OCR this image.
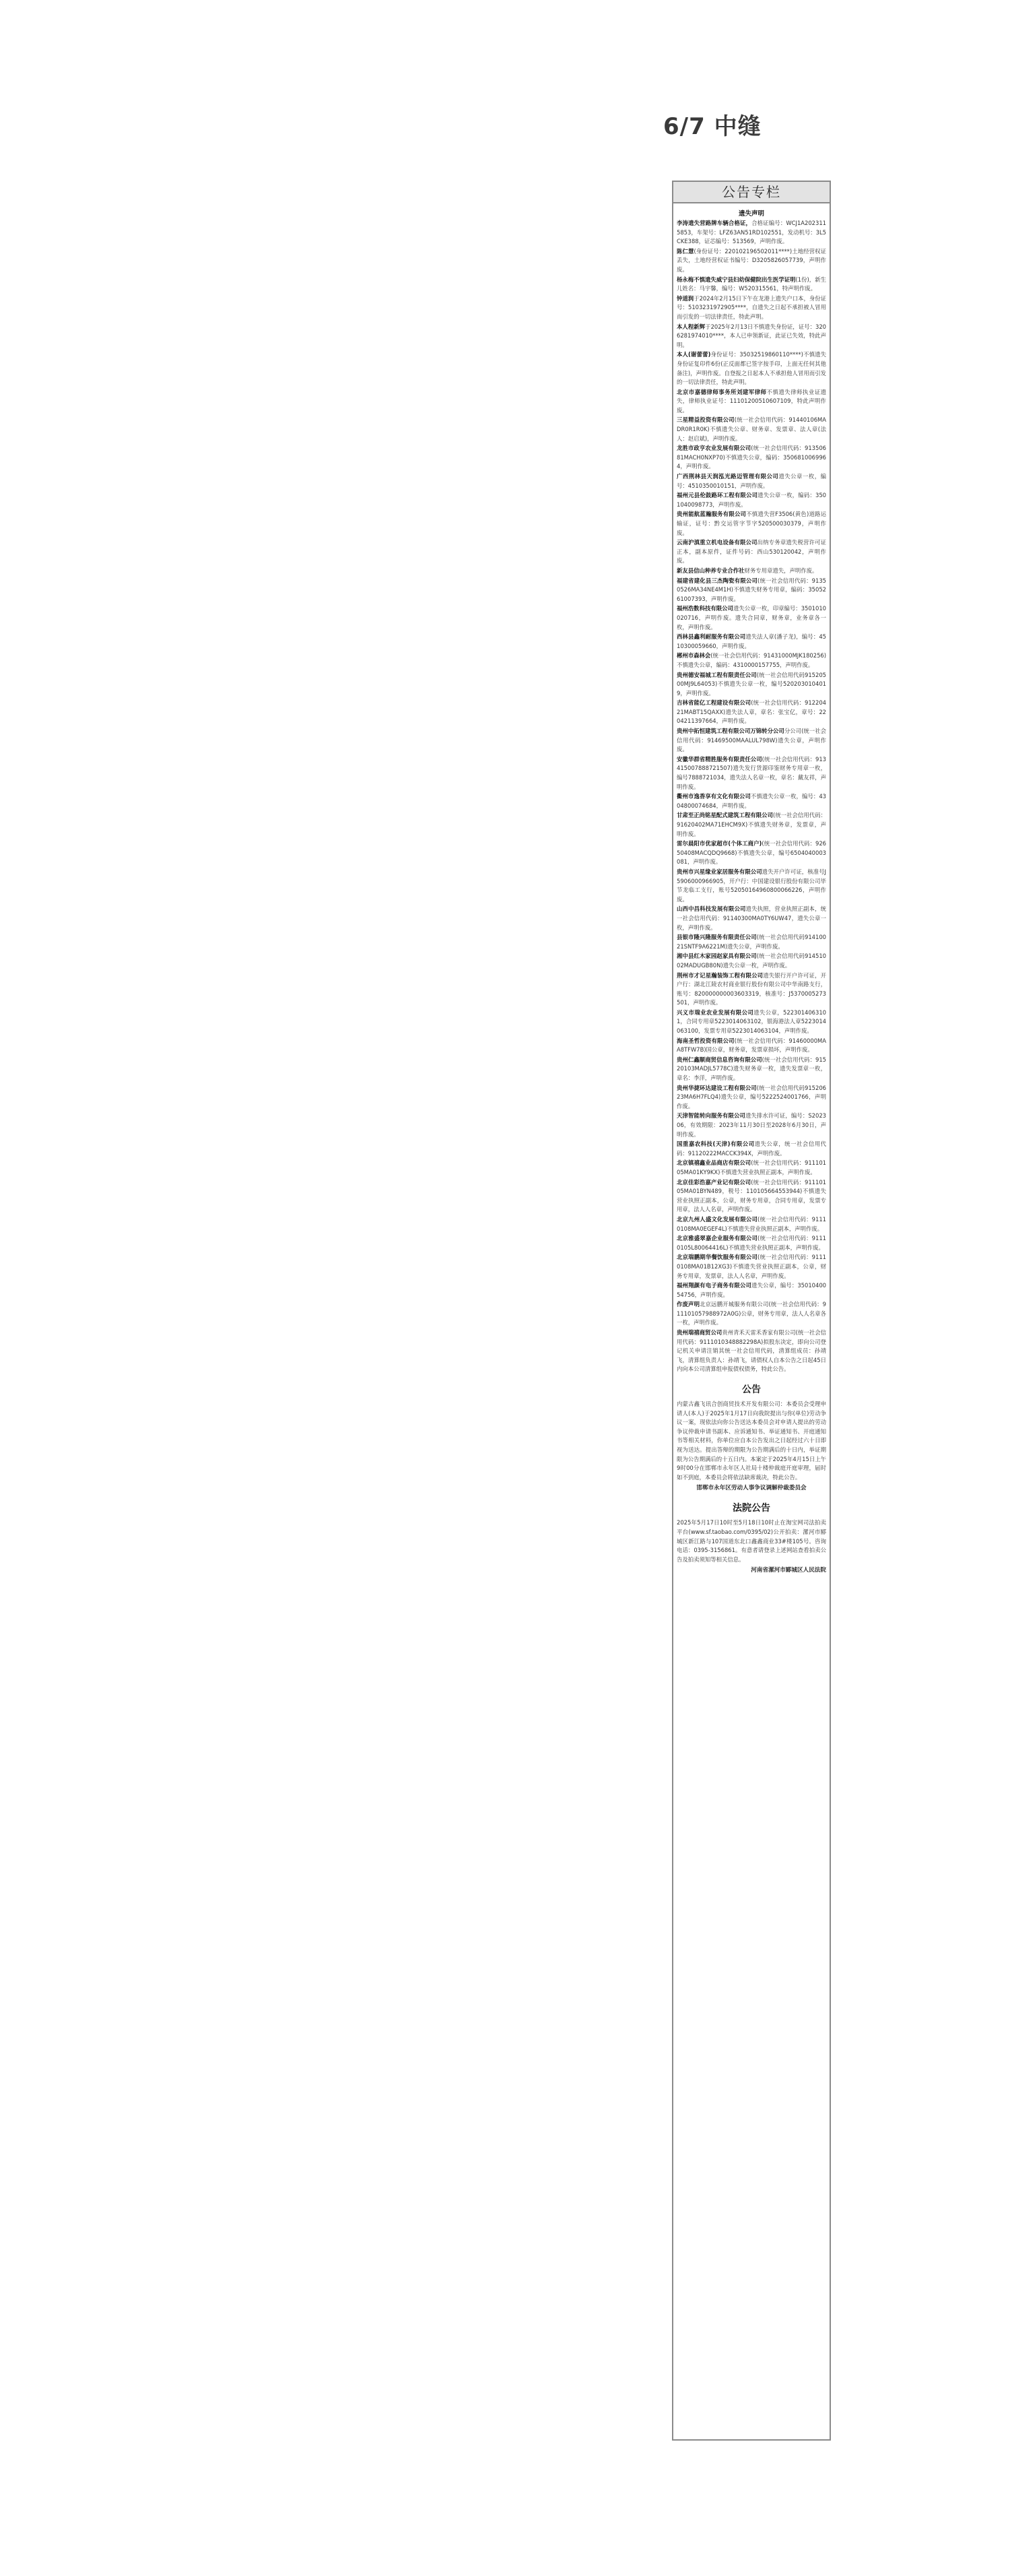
6/7 中缝
公告专栏
遗失声明

李涛遗失营路牌车辆合格证，合格证编号：WCJ1A2023115853，车架号：LFZ63AN51RD102551，发动机号：3L5CKE388，证芯编号：513569，声明作废。

陈仁慧(身份证号：220102196502011****)土地经营权证丢失，土地经营权证书编号：D3205826057739，声明作废。

杨永梅不慎遗失威宁县妇幼保健院出生医学证明(1份)，新生儿姓名：马宇馨，编号：W520315561，特声明作废。

钟道润于2024年2月15日下午在龙港上遗失户口本，身份证号：5103231972905****，自遗失之日起不承担被人冒用而引发的一切法律责任，特此声明。

本人程新辉于2025年2月13日不慎遗失身份证，证号：3206281974010****，本人已申领新证，此证已失效，特此声明。

本人(谢蕾蕾)身份证号：35032519860110****)不慎遗失身份证复印件6份(正反面都已签字按手印，上面无任何其他备注)，声明作废。自登报之日起本人不承担他人冒用而引发的一切法律责任，特此声明。

北京市嘉德律师事务所刘建军律师不慎遗失律师执业证遗失，律师执业证号：11101200510607109，特此声明作废。

三星精益投资有限公司(统一社会信用代码：91440106MADR0R1R0K)不慎遗失公章、财务章、发票章、法人章(法人：赵启斌)，声明作废。

龙胜市政亨农业发展有限公司(统一社会信用代码：91350681MACH0NXP70)不慎遗失公章，编码：3506810069964，声明作废。

广西荆林县天润泓光路迈管理有限公司遗失公章一枚，编号：4510350010151，声明作废。

福州元县伦鼓路环工程有限公司遗失公章一枚，编码：3501040098773，声明作废。

贵州能航蓝瀚服务有限公司不慎遗失营F3506(黄色)道路运输证，证号：黔交运管字节字520500030379，声明作废。

云南沪滇重立机电设备有限公司出纳专务章遗失税营许可证正本，副本原件，证件号码：西山530120042，声明作废。

新友县信山种养专业合作社财务专用章遗失，声明作废。

福建省建化县三杰陶瓷有限公司(统一社会信用代码：91350526MA34NE4M1H)不慎遗失财务专用章，编码：3505261007393，声明作废。

福州浩数科技有限公司遗失公章一枚，印章编号：3501010020716，声明作废。遗失合同章，财务章，业务章各一枚，声明作废。

西林县鑫利耐服务有限公司遗失法人章(潘子龙)，编号：4510300059660，声明作废。

郴州市森林会(统一社会信用代码：91431000MJK180256)不慎遗失公章，编码：4310000157755，声明作废。

贵州德安福城工程有限责任公司(统一社会信用代码91520500MJ9L64053)不慎遗失公章一枚，编号5202030104019，声明作废。

吉林省能亿工程建设有限公司(统一社会信用代码：91220421MABT15QAXX)遗失法人章，章名：张宝亿，章号：2204211397664，声明作废。

贵州中拓恒建筑工程有限公司万锦转分公司分公司(统一社会信用代码：91469500MAALUL798W)遗失公章，声明作废。

安徽华群省精胜服务有限责任公司(统一社会信用代码：913415007888721507)遗失发行货源印鉴财务专用章一枚，编号7888721034，遗失法人名章一枚，章名：戴友祥，声明作废。

衢州市逸香享有文化有限公司不慎遗失公章一枚，编号：4304800074684，声明作废。

甘肃至正尚铭星配式建筑工程有限公司(统一社会信用代码：91620402MA71EHCM9X)不慎遗失财务章，发票章，声明作废。

雷尔晨阳市优家超市(个体工商户)(统一社会信用代码：92650408MACQDQ9668)不慎遗失公章，编号6504040003081，声明作废。

贵州市兴星缘业家居服务有限公司遗失开户许可证，核准号J5906000966905，开户行：中国建设银行股份有限公司毕节龙临工支行，账号52050164960800066226，声明作废。

山西中昌科技发展有限公司遗失执照，营业执照正副本，统一社会信用代码：91140300MA0TY6UW47，遗失公章一枚，声明作废。

县银市隆兴隆服务有限责任公司(统一社会信用代码91410021SNTF9A6221M)遗失公章，声明作废。

湘中县红木家园赵家具有限公司(统一社会信用代码91451002MADUGB80N)遗失公章一枚，声明作废。

荆州市才记星瀚装饰工程有限公司遗失银行开户许可证，开户行：湖北江陵农村商业银行股份有限公司中华南路支行，账号：820000000003603319，核准号：J5370005273501，声明作废。

兴义市瑞业农业发展有限公司遗失公章，5223014063101，合同专用章5223014063102，银海港法人章5223014063100，发票专用章5223014063104，声明作废。

海南圣哲投资有限公司(统一社会信用代码：91460000MAA8TFW7B)国公章，财务章，发票章损坏，声明作废。

贵州仁鑫顺商贸信息咨询有限公司(统一社会信用代码：91520103MADJL5778C)遗失财务章一枚，遗失发票章一枚，章名：李洋，声明作废。

贵州华捷环达建设工程有限公司(统一社会信用代码91520623MA6H7FLQ4)遗失公章，编号5222524001766，声明作废。

天津智能转向服务有限公司遗失排水许可证，编号：S202306，有效期限：2023年11月30日至2028年6月30日，声明作废。

国重嘉农科技(天津)有限公司遗失公章，统一社会信用代码：91120222MACCK394X，声明作废。

北京镇禧鑫业品商店有限公司(统一社会信用代码：91110105MA01KY9KX)不慎遗失营业执照正副本，声明作废。

北京佳彩浩嘉产业记有限公司(统一社会信用代码：91110105MA01BYN489，税号：110105664553944)不慎遗失营业执照正副本，公章，财务专用章，合同专用章，发票专用章，法人人名章，声明作废。

北京九州人盛文化发展有限公司(统一社会信用代码：91110108MA0EGEF4L)不慎遗失营业执照正副本，声明作废。

北京雅盛翠嘉企业服务有限公司(统一社会信用代码：91110105L80064416L)不慎遗失营业执照正副本，声明作废。

北京瑞鹏期华餐饮服务有限公司(统一社会信用代码：91110108MA01B12XG3)不慎遗失营业执照正副本，公章，财务专用章，发票章，法人人名章，声明作废。

福州翔颜有电子商务有限公司遗失公章，编号：3501040054756，声明作废。

作废声明北京远鹏开城服务有限公司(统一社会信用代码：911101057988972A0G)公章，财务专用章，法人人名章各一枚，声明作废。

贵州瑞禧商贸公司贵州青禾天雷禾香家有限公司(统一社会信用代码：9111010348882298A)拟股东决定，即向公司登记机关申请注销其统一社会信用代码，清算组成员：孙靖飞，清算组负责人：孙靖飞，请债权人自本公告之日起45日内向本公司清算组申报债权债务，特此公告。

公告

内蒙古鑫飞讯合创商贸技术开发有限公司：本委员会受理申请人(本人)于2025年1月17日向我院提出与你(单位)劳动争议一案，现依法向你公告送达本委员会对申请人提出的劳动争议仲裁申请书副本、应诉通知书、举证通知书、开庭通知书等相关材料，你单位应自本公告发出之日起经过六十日即视为送达。提出答辩的期限为公告期满后的十日内，举证期限为公告期满后的十五日内。本案定于2025年4月15日上午9时00分在邯郸市永年区人社局十楼仲裁庭开庭审理，届时如不到庭，本委员会将依法缺席裁决，特此公告。

邯郸市永年区劳动人事争议调解仲裁委员会
法院公告

2025年5月17日10时至5月18日10时止在淘宝网司法拍卖平台(www.sf.taobao.com/0395/02)公开拍卖：漯河市郾城区新江路与107国道东北口鑫鑫商业33#楼105号。咨询电话：0395-3156861。有意者请登录上述网站查看拍卖公告及拍卖须知等相关信息。

河南省漯河市郾城区人民法院
